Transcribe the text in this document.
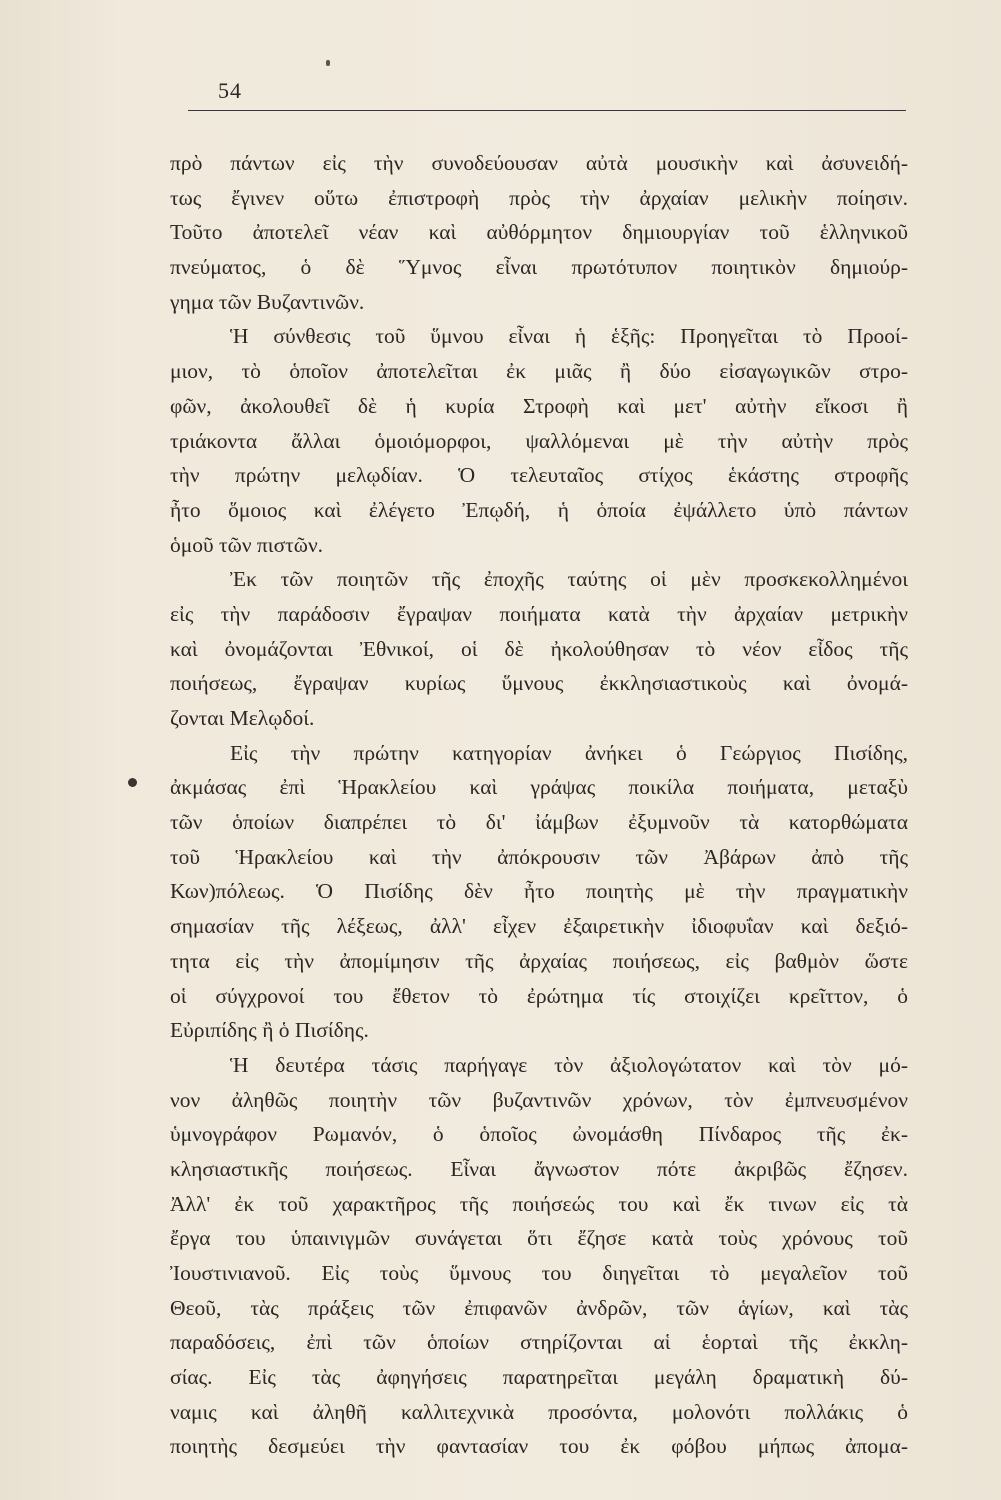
54
πρὸ πάντων εἰς τὴν συνοδεύουσαν αὐτὰ μουσικὴν καὶ ἀσυνειδή-
τως ἔγινεν οὕτω ἐπιστροφὴ πρὸς τὴν ἀρχαίαν μελικὴν ποίησιν.
Τοῦτο ἀποτελεῖ νέαν καὶ αὐθόρμητον δημιουργίαν τοῦ ἑλληνικοῦ
πνεύματος, ὁ δὲ Ὕμνος εἶναι πρωτότυπον ποιητικὸν δημιούρ-
γημα τῶν Βυζαντινῶν.
Ἡ σύνθεσις τοῦ ὕμνου εἶναι ἡ ἑξῆς: Προηγεῖται τὸ Προοί-
μιον, τὸ ὁποῖον ἀποτελεῖται ἐκ μιᾶς ἢ δύο εἰσαγωγικῶν στρο-
φῶν, ἀκολουθεῖ δὲ ἡ κυρία Στροφὴ καὶ μετ' αὐτὴν εἴκοσι ἢ
τριάκοντα ἄλλαι ὁμοιόμορφοι, ψαλλόμεναι μὲ τὴν αὐτὴν πρὸς
τὴν πρώτην μελῳδίαν. Ὁ τελευταῖος στίχος ἑκάστης στροφῆς
ἦτο ὅμοιος καὶ ἐλέγετο Ἐπῳδή, ἡ ὁποία ἐψάλλετο ὑπὸ πάντων
ὁμοῦ τῶν πιστῶν.
Ἐκ τῶν ποιητῶν τῆς ἐποχῆς ταύτης οἱ μὲν προσκεκολλημένοι
εἰς τὴν παράδοσιν ἔγραψαν ποιήματα κατὰ τὴν ἀρχαίαν μετρικὴν
καὶ ὀνομάζονται Ἐθνικοί, οἱ δὲ ἠκολούθησαν τὸ νέον εἶδος τῆς
ποιήσεως, ἔγραψαν κυρίως ὕμνους ἐκκλησιαστικοὺς καὶ ὀνομά-
ζονται Μελῳδοί.
Εἰς τὴν πρώτην κατηγορίαν ἀνήκει ὁ Γεώργιος Πισίδης,
ἀκμάσας ἐπὶ Ἡρακλείου καὶ γράψας ποικίλα ποιήματα, μεταξὺ
τῶν ὁποίων διαπρέπει τὸ δι' ἰάμβων ἐξυμνοῦν τὰ κατορθώματα
τοῦ Ἡρακλείου καὶ τὴν ἀπόκρουσιν τῶν Ἀβάρων ἀπὸ τῆς
Κων)πόλεως. Ὁ Πισίδης δὲν ἦτο ποιητὴς μὲ τὴν πραγματικὴν
σημασίαν τῆς λέξεως, ἀλλ' εἶχεν ἐξαιρετικὴν ἰδιοφυΐαν καὶ δεξιό-
τητα εἰς τὴν ἀπομίμησιν τῆς ἀρχαίας ποιήσεως, εἰς βαθμὸν ὥστε
οἱ σύγχρονοί του ἔθετον τὸ ἐρώτημα τίς στοιχίζει κρεῖττον, ὁ
Εὐριπίδης ἢ ὁ Πισίδης.
Ἡ δευτέρα τάσις παρήγαγε τὸν ἀξιολογώτατον καὶ τὸν μό-
νον ἀληθῶς ποιητὴν τῶν βυζαντινῶν χρόνων, τὸν ἐμπνευσμένον
ὑμνογράφον Ρωμανόν, ὁ ὁποῖος ὠνομάσθη Πίνδαρος τῆς ἐκ-
κλησιαστικῆς ποιήσεως. Εἶναι ἄγνωστον πότε ἀκριβῶς ἔζησεν.
Ἀλλ' ἐκ τοῦ χαρακτῆρος τῆς ποιήσεώς του καὶ ἔκ τινων εἰς τὰ
ἔργα του ὑπαινιγμῶν συνάγεται ὅτι ἔζησε κατὰ τοὺς χρόνους τοῦ
Ἰουστινιανοῦ. Εἰς τοὺς ὕμνους του διηγεῖται τὸ μεγαλεῖον τοῦ
Θεοῦ, τὰς πράξεις τῶν ἐπιφανῶν ἀνδρῶν, τῶν ἁγίων, καὶ τὰς
παραδόσεις, ἐπὶ τῶν ὁποίων στηρίζονται αἱ ἑορταὶ τῆς ἐκκλη-
σίας. Εἰς τὰς ἀφηγήσεις παρατηρεῖται μεγάλη δραματικὴ δύ-
ναμις καὶ ἀληθῆ καλλιτεχνικὰ προσόντα, μολονότι πολλάκις ὁ
ποιητὴς δεσμεύει τὴν φαντασίαν του ἐκ φόβου μήπως ἀπομα-
